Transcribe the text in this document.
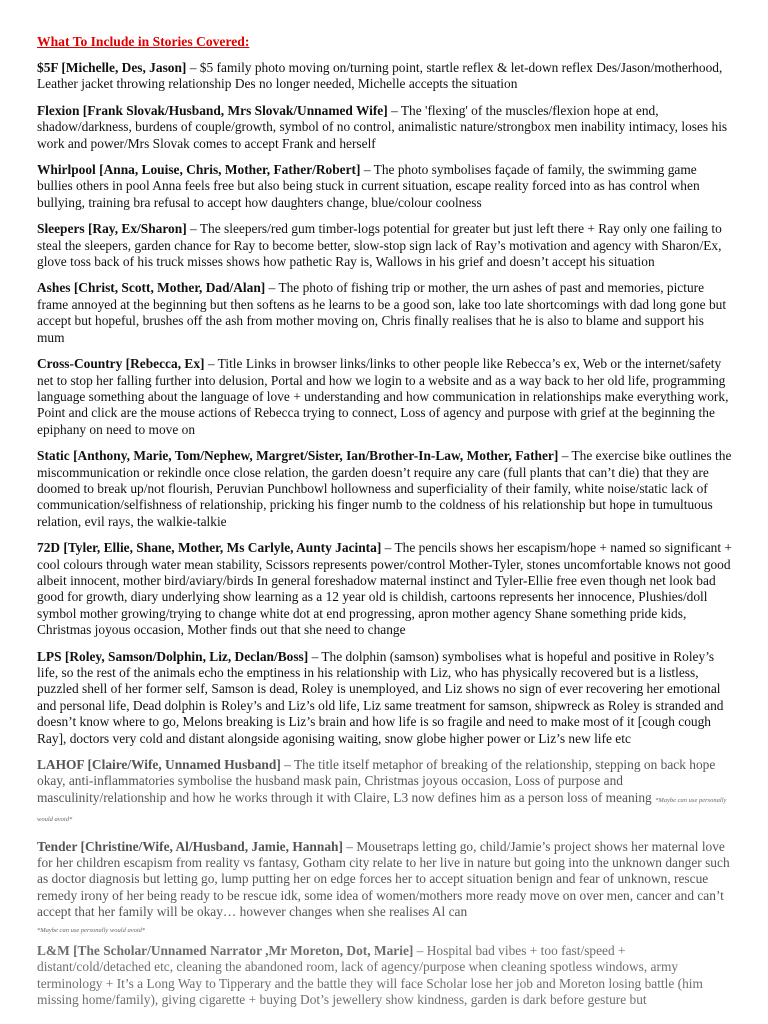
What To Include in Stories Covered:
$5F [Michelle, Des, Jason] – $5 family photo moving on/turning point, startle reflex & let-down reflex Des/Jason/motherhood, Leather jacket throwing relationship Des no longer needed, Michelle accepts the situation
Flexion [Frank Slovak/Husband, Mrs Slovak/Unnamed Wife] – The 'flexing' of the muscles/flexion hope at end, shadow/darkness, burdens of couple/growth, symbol of no control, animalistic nature/strongbox men inability intimacy, loses his work and power/Mrs Slovak comes to accept Frank and herself
Whirlpool [Anna, Louise, Chris, Mother, Father/Robert] – The photo symbolises façade of family, the swimming game bullies others in pool Anna feels free but also being stuck in current situation, escape reality forced into as has control when bullying, training bra refusal to accept how daughters change, blue/colour coolness
Sleepers [Ray, Ex/Sharon] – The sleepers/red gum timber-logs potential for greater but just left there + Ray only one failing to steal the sleepers, garden chance for Ray to become better, slow-stop sign lack of Ray’s motivation and agency with Sharon/Ex, glove toss back of his truck misses shows how pathetic Ray is, Wallows in his grief and doesn’t accept his situation
Ashes [Christ, Scott, Mother, Dad/Alan] – The photo of fishing trip or mother, the urn ashes of past and memories, picture frame annoyed at the beginning but then softens as he learns to be a good son, lake too late shortcomings with dad long gone but accept but hopeful, brushes off the ash from mother moving on, Chris finally realises that he is also to blame and support his mum
Cross-Country [Rebecca, Ex] – Title Links in browser links/links to other people like Rebecca’s ex, Web or the internet/safety net to stop her falling further into delusion, Portal and how we login to a website and as a way back to her old life, programming language something about the language of love + understanding and how communication in relationships make everything work, Point and click are the mouse actions of Rebecca trying to connect, Loss of agency and purpose with grief at the beginning the epiphany on need to move on
Static [Anthony, Marie, Tom/Nephew, Margret/Sister, Ian/Brother-In-Law, Mother, Father] – The exercise bike outlines the miscommunication or rekindle once close relation, the garden doesn’t require any care (full plants that can’t die) that they are doomed to break up/not flourish, Peruvian Punchbowl hollowness and superficiality of their family, white noise/static lack of communication/selfishness of relationship, pricking his finger numb to the coldness of his relationship but hope in tumultuous relation, evil rays, the walkie-talkie
72D [Tyler, Ellie, Shane, Mother, Ms Carlyle, Aunty Jacinta] – The pencils shows her escapism/hope + named so significant + cool colours through water mean stability, Scissors represents power/control Mother-Tyler, stones uncomfortable knows not good albeit innocent, mother bird/aviary/birds In general foreshadow maternal instinct and Tyler-Ellie free even though net look bad good for growth, diary underlying show learning as a 12 year old is childish, cartoons represents her innocence, Plushies/doll symbol mother growing/trying to change white dot at end progressing, apron mother agency Shane something pride kids, Christmas joyous occasion, Mother finds out that she need to change
LPS [Roley, Samson/Dolphin, Liz, Declan/Boss] – The dolphin (samson) symbolises what is hopeful and positive in Roley’s life, so the rest of the animals echo the emptiness in his relationship with Liz, who has physically recovered but is a listless, puzzled shell of her former self, Samson is dead, Roley is unemployed, and Liz shows no sign of ever recovering her emotional and personal life, Dead dolphin is Roley’s and Liz’s old life, Liz same treatment for samson, shipwreck as Roley is stranded and doesn’t know where to go, Melons breaking is Liz’s brain and how life is so fragile and need to make most of it [cough cough Ray], doctors very cold and distant alongside agonising waiting, snow globe higher power or Liz’s new life etc
LAHOF [Claire/Wife, Unnamed Husband] – The title itself metaphor of breaking of the relationship, stepping on back hope okay, anti-inflammatories symbolise the husband mask pain, Christmas joyous occasion, Loss of purpose and masculinity/relationship and how he works through it with Claire, L3 now defines him as a person loss of meaning *Maybe can use personally would avoid*
Tender [Christine/Wife, Al/Husband, Jamie, Hannah] – Mousetraps letting go, child/Jamie’s project shows her maternal love for her children escapism from reality vs fantasy, Gotham city relate to her live in nature but going into the unknown danger such as doctor diagnosis but letting go, lump putting her on edge forces her to accept situation benign and fear of unknown, rescue remedy irony of her being ready to be rescue idk, some idea of women/mothers more ready move on over men, cancer and can’t accept that her family will be okay… however changes when she realises Al can
*Maybe can use personally would avoid*
L&M [The Scholar/Unnamed Narrator ,Mr Moreton, Dot, Marie] – Hospital bad vibes + too fast/speed + distant/cold/detached etc, cleaning the abandoned room, lack of agency/purpose when cleaning spotless windows, army terminology + It’s a Long Way to Tipperary and the battle they will face Scholar lose her job and Moreton losing battle (him missing home/family), giving cigarette + buying Dot’s jewellery show kindness, garden is dark before gesture but
